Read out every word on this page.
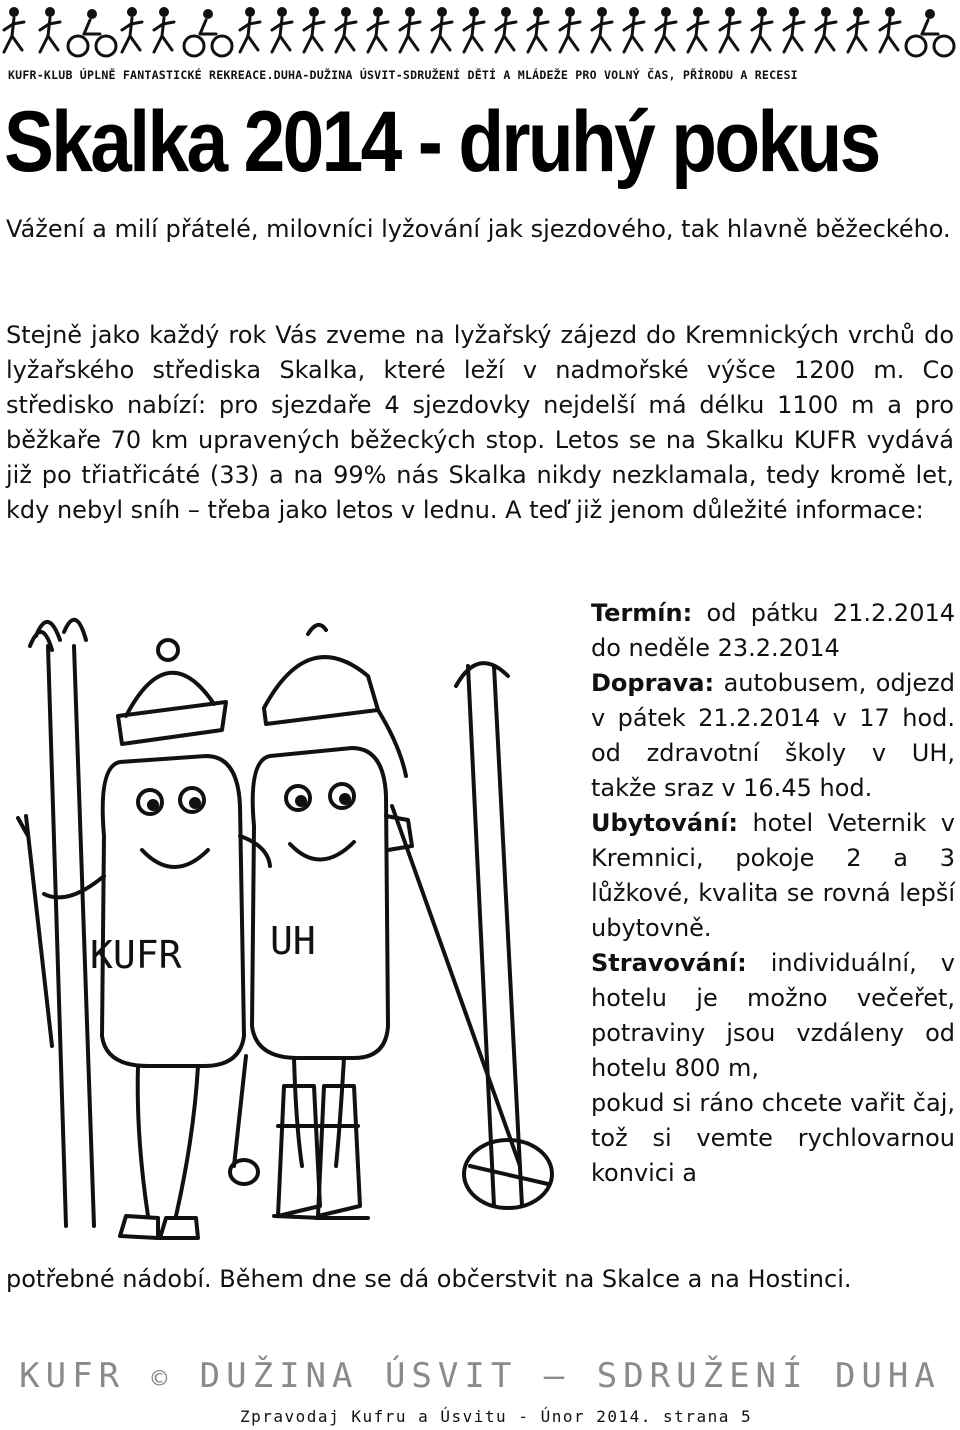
KUFR-KLUB ÚPLNĚ FANTASTICKÉ REKREACE.DUHA-DUŽINA ÚSVIT-SDRUŽENÍ DĚTÍ A MLÁDEŽE PRO VOLNÝ ČAS, PŘÍRODU A RECESI
Skalka 2014 - druhý pokus

Vážení a milí přátelé, milovníci lyžování jak sjezdového, tak hlavně běžeckého.

Stejně jako každý rok Vás zveme na lyžařský zájezd do Kremnických vrchů do lyžařského střediska Skalka, které leží v nadmořské výšce 1200 m. Co středisko nabízí: pro sjezdaře 4 sjezdovky nejdelší má délku 1100 m a pro běžkaře 70 km upravených běžeckých stop. Letos se na Skalku KUFR vydává již po třiatřicáté (33) a na 99% nás Skalka nikdy nezklamala, tedy kromě let, kdy nebyl sníh – třeba jako letos v lednu. A teď již jenom důležité informace:

KUFR UH

Termín: od pátku 21.2.2014 do neděle 23.2.2014

Doprava: autobusem, odjezd v pátek 21.2.2014 v 17 hod. od zdravotní školy v UH, takže sraz v 16.45 hod.

Ubytování: hotel Veternik v Kremnici, pokoje 2 a 3 lůžkové, kvalita se rovná lepší ubytovně.

Stravování: individuální, v hotelu je možno večeřet, potraviny jsou vzdáleny od hotelu 800 m,

pokud si ráno chcete vařit čaj, tož si vemte rychlovarnou konvici a

potřebné nádobí. Během dne se dá občerstvit na Skalce a na Hostinci.

KUFR © DUŽINA ÚSVIT – SDRUŽENÍ DUHA

Zpravodaj Kufru a Úsvitu - Únor 2014. strana 5
